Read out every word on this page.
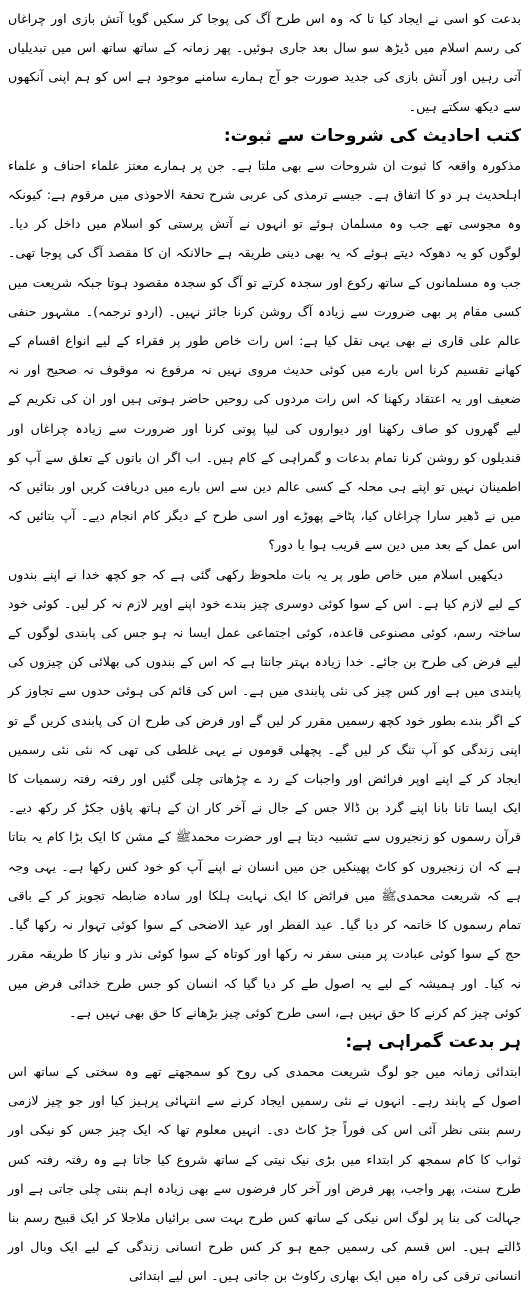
بدعت کو اسی نے ایجاد کیا تا کہ وہ اس طرح آگ کی پوجا کر سکیں گویا آتش بازی اور چراغاں کی رسم اسلام میں ڈیڑھ سو سال بعد جاری ہوئیں۔ پھر زمانہ کے ساتھ ساتھ اس میں تبدیلیاں آتی رہیں اور آتش بازی کی جدید صورت جو آج ہمارے سامنے موجود ہے اس کو ہم اپنی آنکھوں سے دیکھ سکتے ہیں۔

کتب احادیث کی شروحات سے ثبوت:

مذکورہ واقعہ کا ثبوت ان شروحات سے بھی ملتا ہے۔ جن پر ہمارے معتز علماء احناف و علماء اہلحدیث ہر دو کا اتفاق ہے۔ جیسے ترمذی کی عربی شرح تحفۃ الاحوذی میں مرقوم ہے: کیونکہ وہ مجوسی تھے جب وہ مسلمان ہوئے تو انہوں نے آتش پرستی کو اسلام میں داخل کر دیا۔ لوگوں کو یہ دھوکہ دیتے ہوئے کہ یہ بھی دینی طریقہ ہے حالانکہ ان کا مقصد آگ کی پوجا تھی۔ جب وہ مسلمانوں کے ساتھ رکوع اور سجدہ کرتے تو آگ کو سجدہ مقصود ہوتا جبکہ شریعت میں کسی مقام پر بھی ضرورت سے زیادہ آگ روشن کرنا جائز نہیں۔ (اردو ترجمہ)۔ مشہور حنفی عالم علی قاری نے بھی یہی نقل کیا ہے: اس رات خاص طور پر فقراء کے لیے انواع اقسام کے کھانے تقسیم کرنا اس بارے میں کوئی حدیث مروی نہیں نہ مرفوع نہ موقوف نہ صحیح اور نہ ضعیف اور یہ اعتقاد رکھنا کہ اس رات مردوں کی روحیں حاضر ہوتی ہیں اور ان کی تکریم کے لیے گھروں کو صاف رکھنا اور دیواروں کی لیپا پوتی کرنا اور ضرورت سے زیادہ چراغاں اور قندیلوں کو روشن کرنا تمام بدعات و گمراہی کے کام ہیں۔ اب اگر ان باتوں کے تعلق سے آپ کو اطمینان نہیں تو اپنے ہی محلہ کے کسی عالم دین سے اس بارے میں دریافت کریں اور بتائیں کہ میں نے ڈھیر سارا چراغاں کیا، پٹاخے پھوڑے اور اسی طرح کے دیگر کام انجام دیے۔ آپ بتائیں کہ اس عمل کے بعد میں دین سے قریب ہوا یا دور؟

دیکھیں اسلام میں خاص طور پر یہ بات ملحوظ رکھی گئی ہے کہ جو کچھ خدا نے اپنے بندوں کے لیے لازم کیا ہے۔ اس کے سوا کوئی دوسری چیز بندے خود اپنے اوپر لازم نہ کر لیں۔ کوئی خود ساختہ رسم، کوئی مصنوعی قاعدہ، کوئی اجتماعی عمل ایسا نہ ہو جس کی پابندی لوگوں کے لیے فرض کی طرح بن جائے۔ خدا زیادہ بہتر جانتا ہے کہ اس کے بندوں کی بھلائی کن چیزوں کی پابندی میں ہے اور کس چیز کی نئی پابندی میں ہے۔ اس کی قائم کی ہوئی حدوں سے تجاوز کر کے اگر بندے بطور خود کچھ رسمیں مقرر کر لیں گے اور فرض کی طرح ان کی پابندی کریں گے تو اپنی زندگی کو آپ تنگ کر لیں گے۔ پچھلی قوموں نے یہی غلطی کی تھی کہ نئی نئی رسمیں ایجاد کر کے اپنے اوپر فرائض اور واجبات کے رد ے چڑھاتی چلی گئیں اور رفتہ رفتہ رسمیات کا ایک ایسا تانا بانا اپنے گرد بن ڈالا جس کے جال نے آخر کار ان کے ہاتھ پاؤں جکڑ کر رکھ دیے۔ قرآن رسموں کو زنجیروں سے تشبیہ دیتا ہے اور حضرت محمدﷺ کے مشن کا ایک بڑا کام یہ بتاتا ہے کہ ان زنجیروں کو کاٹ پھینکیں جن میں انسان نے اپنے آپ کو خود کس رکھا ہے۔ یہی وجہ ہے کہ شریعت محمدیﷺ میں فرائض کا ایک نہایت ہلکا اور سادہ ضابطہ تجویز کر کے باقی تمام رسموں کا خاتمہ کر دیا گیا۔ عید الفطر اور عید الاضحی کے سوا کوئی تہوار نہ رکھا گیا۔ حج کے سوا کوئی عبادت پر مبنی سفر نہ رکھا اور کوتاہ کے سوا کوئی نذر و نیاز کا طریقہ مقرر نہ کیا۔ اور ہمیشہ کے لیے یہ اصول طے کر دیا گیا کہ انسان کو جس طرح خدائی فرض میں کوئی چیز کم کرنے کا حق نہیں ہے، اسی طرح کوئی چیز بڑھانے کا حق بھی نہیں ہے۔

ہر بدعت گمراہی ہے:

ابتدائی زمانہ میں جو لوگ شریعت محمدی کی روح کو سمجھتے تھے وہ سختی کے ساتھ اس اصول کے پابند رہے۔ انہوں نے نئی رسمیں ایجاد کرنے سے انتہائی پرہیز کیا اور جو چیز لازمی رسم بنتی نظر آئی اس کی فوراً جڑ کاٹ دی۔ انہیں معلوم تھا کہ ایک چیز جس کو نیکی اور ثواب کا کام سمجھ کر ابتداء میں بڑی نیک نیتی کے ساتھ شروع کیا جاتا ہے وہ رفتہ رفتہ کس طرح سنت، پھر واجب، پھر فرض اور آخر کار فرضوں سے بھی زیادہ اہم بنتی چلی جاتی ہے اور جہالت کی بنا پر لوگ اس نیکی کے ساتھ کس طرح بہت سی برائیاں ملاجلا کر ایک قبیح رسم بنا ڈالتے ہیں۔ اس قسم کی رسمیں جمع ہو کر کس طرح انسانی زندگی کے لیے ایک وبال اور انسانی ترقی کی راہ میں ایک بھاری رکاوٹ بن جاتی ہیں۔ اس لیے ابتدائی
